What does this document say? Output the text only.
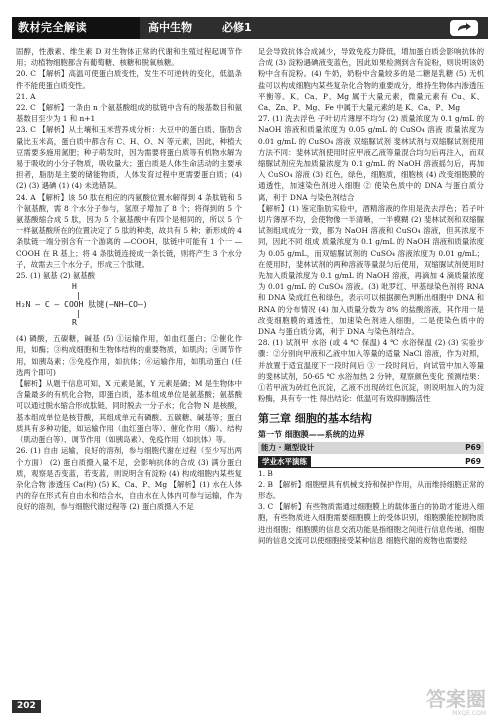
教材完全解读	高中生物	必修1

固醇，性激素、维生素 D 对生物体正常的代谢和生殖过程起调节作用；动植物细胞都含有葡萄糖、核糖和脱氧核糖。

20. C 【解析】高温可使蛋白质变性，发生不可逆转的变化，低温条件不能使蛋白质变性。

21. A

22. C 【解析】一条由 n 个氨基酸组成的肽链中含有的羧基数目和氨基数目至少为 1 和 n+1

23. C 【解析】从土壤和玉米营养成分析：大豆中的蛋白质、脂肪含量比玉米高，蛋白质中都含有 C、H、O、N 等元素，因此，种植大豆需要多施用氮肥；种子萌发时，因为需要将蛋白质等有机物水解为易于吸收的小分子物质，吸收量大；蛋白质是人体生命活动的主要承担者，脂肪是主要的储能物质，人体发育过程中更需要蛋白质；(4) (2) (3) 遇碘 (1) (4) 未选错误。

24. A 【解析】该 50 肽在相应的丙氨酸位置水解得到 4 条肽链和 5 个氨基酸，需 8 个水分子参与，氢原子增加了 8 个；将得到的 5 个氨基酸缩合成 5 肽，因为 5 个氨基酸中有四个是相同的，所以 5 个一样氨基酸所在的位置决定了 5 肽的种类，故共有 5 种；新形成的 4 条肽链一端分别含有一个游离的 —COOH，肽链中可能有 1 个一 —COOH 在 R 基上；将 4 条肽链连接成一条长链，则将产生 3 个水分子，故需去三个水分子，形成三个肽键。

25. (1) 氨基 (2) 氨基酸

H
|
H₂N — C — COOH 肽键(—NH—CO—)
|
R

(4) 磷酸，五碳糖，碱基 (5) ①运输作用，如血红蛋白；②催化作用，如酶；③构成细胞和生物体结构的重要物质，如肌肉；④调节作用，如胰岛素；⑤免疫作用，如抗体；⑥运输作用，如肌动蛋白 (任选两个即可)

【解析】从题干信息可知，X 元素是氮，Y 元素是磷；M 是生物体中含量最多的有机化合物，即蛋白质，基本组成单位是氨基酸；氨基酸可以通过脱水缩合形成肽链，同时脱去一分子水；化合物 N 是核酸，基本组成单位是核苷酸，其组成单元有磷酸、五碳糖、碱基等；蛋白质具有多种功能，如运输作用（血红蛋白等）、催化作用（酶）、结构（肌动蛋白等）、调节作用（如胰岛素）、免疫作用（如抗体）等。

26. (1) 自由 运输，良好的溶剂，参与细胞代谢在过程（至少写出两个方面） (2) 蛋白质摄入量不足，会影响抗体的合成 (3) 满分蛋白质，观察是否变蓝，若变蓝，则说明含有淀粉 (4) 构成细胞内某些复杂化合物 渗透压 Ca(构) (5) K、Ca、P、Mg 【解析】(1) 水在人体内的存在形式有自由水和结合水，自由水在人体内可参与运输，作为良好的溶剂，参与细胞代谢过程等 (2) 蛋白质摄入不足

足会导致抗体合成减少，导致免疫力降低，增加蛋白质会影响抗体的合成 (3) 淀粉遇碘液变蓝色，因此如果检测到含有淀粉，则说明该奶粉中含有淀粉。(4) 牛奶，奶粉中含量较多的是二糖是乳糖 (5) 无机盐可以构成细胞内某些复杂化合物的重要成分，维持生物体内渗透压平衡等。K、Ca、P、Mg 属于大量元素，微量元素有 Cu、K、Ca、Zn、P、Mg、Fe 中属于大量元素的是 K、Ca、P、Mg

27. (1) 洗去浮色 子叶切片薄厚不均匀 (2) 质量浓度为 0.1 g/mL 的 NaOH 溶液和质量浓度为 0.05 g/mL 的 CuSO₄ 溶液 质量浓度为 0.01 g/mL 的 CuSO₄ 溶液 双缩脲试剂 斐林试剂与双缩脲试剂使用方法不同：斐林试剂使用时应甲液乙液等量混合均匀后再注入，而双缩脲试剂应先加质量浓度为 0.1 g/mL 的 NaOH 溶液摇匀后，再加入 CuSO₄ 溶液 (3) 红色，绿色，细胞质，细胞核 (4) 改变细胞膜的通透性，加速染色剂进入细胞 ② 使染色质中的 DNA 与蛋白质分离，利于 DNA 与染色剂结合

【解析】(1) 鉴定脂肪实验中，酒精溶液的作用是洗去浮色；若子叶切片薄厚不均，会使物像一半清晰，一半模糊 (2) 斐林试剂和双缩脲试剂组成成分一致，都为 NaOH 溶液和 CuSO₄ 溶液，但其浓度不同，因此不同 组成 质量浓度为 0.1 g/mL 的 NaOH 溶液和质量浓度为 0.05 g/mL，而双缩脲试剂的 CuSO₄ 溶液浓度为 0.01 g/mL；在使用时，斐林试剂的两种溶液等量混匀后使用，双缩脲试剂使用时先加入质量浓度为 0.1 g/mL 的 NaOH 溶液，再滴加 4 滴质量浓度为 0.01 g/mL 的 CuSO₄ 溶液。(3) 吡罗红、甲基绿染色剂将 RNA 和 DNA 染成红色和绿色，表示可以根据颜色判断出细胞中 DNA 和 RNA 的分布情况 (4) 加入质量分数为 8% 的盐酸溶液，其作用一是改变细胞膜的通透性，加速染色剂进入细胞，二是使染色质中的 DNA 与蛋白质分离，利于 DNA 与染色剂结合。

28. (1) 试剂甲 水浴 (或 4 ℃ 保温) 4 ℃ 水浴保温 (2) (3) 实验步骤：②分别向甲液和乙液中加入等量的适量 NaCl 溶液，作为对照，并放置于适宜温度下一段时间后 ③ 一段时间后，向试管中加入等量的斐林试剂，50-65 ℃ 水浴加热 2 分钟，观察颜色变化 预测结果：①若甲液为砖红色沉淀，乙液不出现砖红色沉淀，则说明加入的为淀粉酶，具有专一性 得出结论：低温可有效抑制酶活性

第三章 细胞的基本结构
第一节 细胞膜——系统的边界
能力 · 题型设计	P69
学业水平演练	P69

1. B

2. B 【解析】细胞壁具有机械支持和保护作用，从而维持细胞正常的形态。

3. C 【解析】有些物质需通过细胞膜上的载体蛋白的协助才能进入细胞，有些物质进入细胞需要细胞膜上的受体识别，细胞膜能控制物质进出细胞；细胞膜的信息交流功能是指细胞之间进行信息传递，细胞间的信息交流可以使细胞接受某种信息 细胞代谢的废物也需要经

202	答案圈
MXQE.COM
